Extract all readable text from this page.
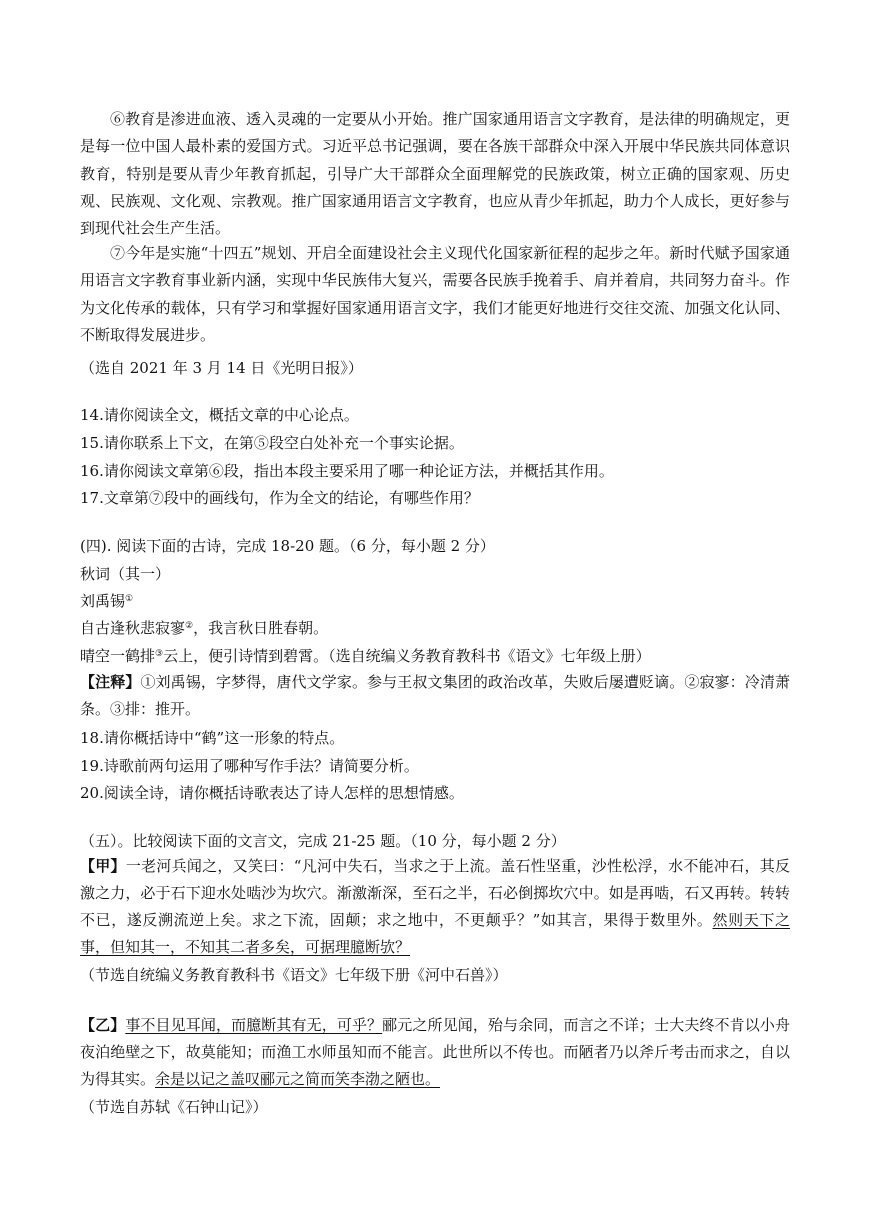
⑥教育是渗进血液、透入灵魂的一定要从小开始。推广国家通用语言文字教育，是法律的明确规定，更是每一位中国人最朴素的爱国方式。习近平总书记强调，要在各族干部群众中深入开展中华民族共同体意识教育，特别是要从青少年教育抓起，引导广大干部群众全面理解党的民族政策，树立正确的国家观、历史观、民族观、文化观、宗教观。推广国家通用语言文字教育，也应从青少年抓起，助力个人成长，更好参与到现代社会生产生活。

⑦今年是实施“十四五”规划、开启全面建设社会主义现代化国家新征程的起步之年。新时代赋予国家通用语言文字教育事业新内涵，实现中华民族伟大复兴，需要各民族手挽着手、肩并着肩，共同努力奋斗。作为文化传承的载体，只有学习和掌握好国家通用语言文字，我们才能更好地进行交往交流、加强文化认同、不断取得发展进步。

（选自 2021 年 3 月 14 日《光明日报》）

14.请你阅读全文，概括文章的中心论点。

15.请你联系上下文，在第⑤段空白处补充一个事实论据。

16.请你阅读文章第⑥段，指出本段主要采用了哪一种论证方法，并概括其作用。

17.文章第⑦段中的画线句，作为全文的结论，有哪些作用？

(四). 阅读下面的古诗，完成 18-20 题。（6 分，每小题 2 分）

秋词（其一）

刘禹锡①

自古逢秋悲寂寥②，我言秋日胜春朝。

晴空一鹤排③云上，便引诗情到碧霄。（选自统编义务教育教科书《语文》七年级上册）

【注释】①刘禹锡，字梦得，唐代文学家。参与王叔文集团的政治改革，失败后屡遭贬谪。②寂寥：冷清萧条。③排：推开。

18.请你概括诗中“鹤”这一形象的特点。

19.诗歌前两句运用了哪种写作手法？请简要分析。

20.阅读全诗，请你概括诗歌表达了诗人怎样的思想情感。

（五）。比较阅读下面的文言文，完成 21-25 题。（10 分，每小题 2 分）

【甲】一老河兵闻之，又笑曰：“凡河中失石，当求之于上流。盖石性坚重，沙性松浮，水不能冲石，其反激之力，必于石下迎水处啮沙为坎穴。渐激渐深，至石之半，石必倒掷坎穴中。如是再啮，石又再转。转转不已，遂反溯流逆上矣。求之下流，固颠；求之地中，不更颠乎？”如其言，果得于数里外。然则天下之事，但知其一，不知其二者多矣，可据理臆断欤？

（节选自统编义务教育教科书《语文》七年级下册《河中石兽》）

【乙】事不目见耳闻，而臆断其有无，可乎？郦元之所见闻，殆与余同，而言之不详；士大夫终不肯以小舟夜泊绝壁之下，故莫能知；而渔工水师虽知而不能言。此世所以不传也。而陋者乃以斧斤考击而求之，自以为得其实。余是以记之盖叹郦元之简而笑李渤之陋也。

（节选自苏轼《石钟山记》）
